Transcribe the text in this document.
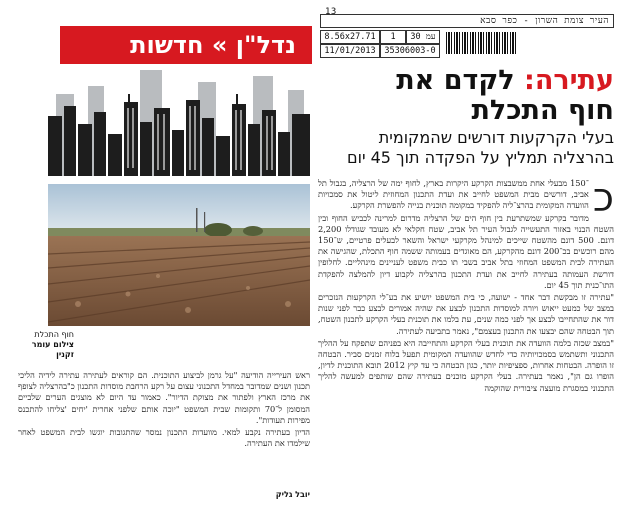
העיר צומת השרון - כפר סבא
13
8.56x27.71	1	עמ 30
11/01/2013	35306003-0
נדל"ן » חדשות
עתירה: לקדם את
חוף התכלת
בעלי הקרקעות דורשים שהמקומית בהרצליה תמליץ על הפקדה תוך 45 יום
חוף התכלת
צילום עומר זקנין

כ
־150 מבעלי אחת ממשבצות הקרקע היקרות בארץ, לחוף ימה של הרצליה, בגבול תל אביב, דורשים מבית המשפט לחייב את ועדת התכנון המחוזית ליטול את סמכויות הוועדה המקומית בהרצ־ליה להפקיד במקומה תוכנית בנייה להפשרת הקרקע.

מדובר בקרקע שמשתרעת בין חוף הים של הרצליה מדרום למרינה לכביש החוף ובין השטח הבנוי באזור התעשייה לגבול העיר תל אביב, שטח חקלאי לא מעובד שגודלו 2,200 דונם. 500 דונם מהשטח שייכים למינהל מקרקעי ישראל והשאר לבעלים פרטיים, ש־150 מהם רוכשים בכ־200 דונם מהקרקע, הם מאוגדים בעמותה ששמה חוף התכלת, שהגישה את העתירה לבית המשפט המחוזי בתל אביב בשבי תו כבית משפט לעניינים מינהליים. לחלופין דורשת העמותה בעתירה לחייב את ועדת התכנון בהרצליה לקבוע דיון להמלצה להפקדת התו־כנית תוך 45 יום.

"עתירה זו מבקשת דבר אחד - ישועה, כי בית המשפט יושיע את בע־לי הקרקעות הנזכרים במצב של כמעט ייאוש ויורה למוסדות התכנון לבצע את שהיה אמורים לבצע כבר לפני שנות דור את שהתחייבו לבצע אך לפני כמה שנים, עת בלמו את תוכנית בעלי הקרקע לתכנון השטח, תוך הבטחה שהם יבצעו את התכנון בעצמם", נאמר בתביעה לעתירה.

"במצב שכזה בלמה הוועדה את תוכנית בעלי הקרקע והתחייבה היא בפניהם שתפקח על ההליך התכנוני ותשתמש בסמכויותיה כדי לחדש שהוועדה המקומית תפעל בלוח זמנים סביר. הבטחה זו הופרה. הבטחות אחרות, ספציפיות יותר, כגון הבטחה כי עד קיץ 2012 תובא התוכנית לדיון, הופרו גם הן", נאמר בעתירה. בעלי הקרקע מוכנים בעתירה שהם שותפים למעשה להליך התכנוני במסגרת מועצה ציבורית שהוקמה

ראש העירייה הודיעה "על גרמן לביצוע התוכנית. הם קוראים לעתירה עתירה לידיה הליכי תכנון ושנים שמדובר במחדל התכנוני עצום על רקע הרחבת מוסדות התכנון כ"בהרצליה לצופף את מרכז הארץ ולפתור את מצוקת הדיור". כאמור עד היום לא מוצגים הערים שלביים המסומן ל־70 ותקומות שבית המשפט "יוכה אותם שלפני אחרית 'יחים 'צליחו להתכנס מפירות תעודות".

הדיון בעתירה נקבע למאי. מוועדות התכנון נמסר שהתגובות יוגשו לבית המשפט לאחר שילמדו את העתירה.

יובל גליק
